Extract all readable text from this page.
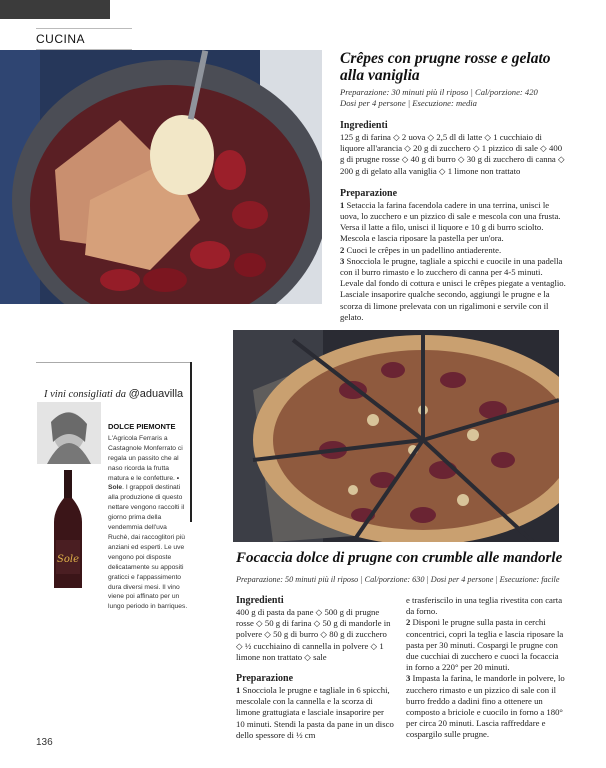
CUCINA
Crêpes con prugne rosse e gelato alla vaniglia
Preparazione: 30 minuti più il riposo | Cal/porzione: 420
Dosi per 4 persone | Esecuzione: media
Ingredienti
125 g di farina ◇ 2 uova ◇ 2,5 dl di latte ◇ 1 cucchiaio di liquore all'arancia ◇ 20 g di zucchero ◇ 1 pizzico di sale ◇ 400 g di prugne rosse ◇ 40 g di burro ◇ 30 g di zucchero di canna ◇ 200 g di gelato alla vaniglia ◇ 1 limone non trattato
Preparazione
1 Setaccia la farina facendola cadere in una terrina, unisci le uova, lo zucchero e un pizzico di sale e mescola con una frusta. Versa il latte a filo, unisci il liquore e 10 g di burro sciolto. Mescola e lascia riposare la pastella per un'ora.
2 Cuoci le crêpes in un padellino antiaderente.
3 Snocciola le prugne, tagliale a spicchi e cuocile in una padella con il burro rimasto e lo zucchero di canna per 4-5 minuti. Levale dal fondo di cottura e unisci le crêpes piegate a ventaglio. Lasciale insaporire qualche secondo, aggiungi le prugne e la scorza di limone prelevata con un rigalimoni e servile con il gelato.
I vini consigliati da @aduavilla
Sole
DOLCE PIEMONTE
L'Agricola Ferraris a Castagnole Monferrato ci regala un passito che al naso ricorda la frutta matura e le confetture. • Sole. I grappoli destinati alla produzione di questo nettare vengono raccolti il giorno prima della vendemmia dell'uva Ruchè, dai raccoglitori più anziani ed esperti. Le uve vengono poi disposte delicatamente su appositi graticci e l'appassimento dura diversi mesi. Il vino viene poi affinato per un lungo periodo in barriques.
Focaccia dolce di prugne con crumble alle mandorle
Preparazione: 50 minuti più il riposo | Cal/porzione: 630 | Dosi per 4 persone | Esecuzione: facile
Ingredienti
400 g di pasta da pane ◇ 500 g di prugne rosse ◇ 50 g di farina ◇ 50 g di mandorle in polvere ◇ 50 g di burro ◇ 80 g di zucchero ◇ ½ cucchiaino di cannella in polvere ◇ 1 limone non trattato ◇ sale
Preparazione
1 Snocciola le prugne e tagliale in 6 spicchi, mescolale con la cannella e la scorza di limone grattugiata e lasciale insaporire per 10 minuti. Stendi la pasta da pane in un disco dello spessore di ½ cm
e trasferiscilo in una teglia rivestita con carta da forno.
2 Disponi le prugne sulla pasta in cerchi concentrici, copri la teglia e lascia riposare la pasta per 30 minuti. Cospargi le prugne con due cucchiai di zucchero e cuoci la focaccia in forno a 220° per 20 minuti.
3 Impasta la farina, le mandorle in polvere, lo zucchero rimasto e un pizzico di sale con il burro freddo a dadini fino a ottenere un composto a briciole e cuocilo in forno a 180° per circa 20 minuti. Lascia raffreddare e cospargilo sulle prugne.
136
